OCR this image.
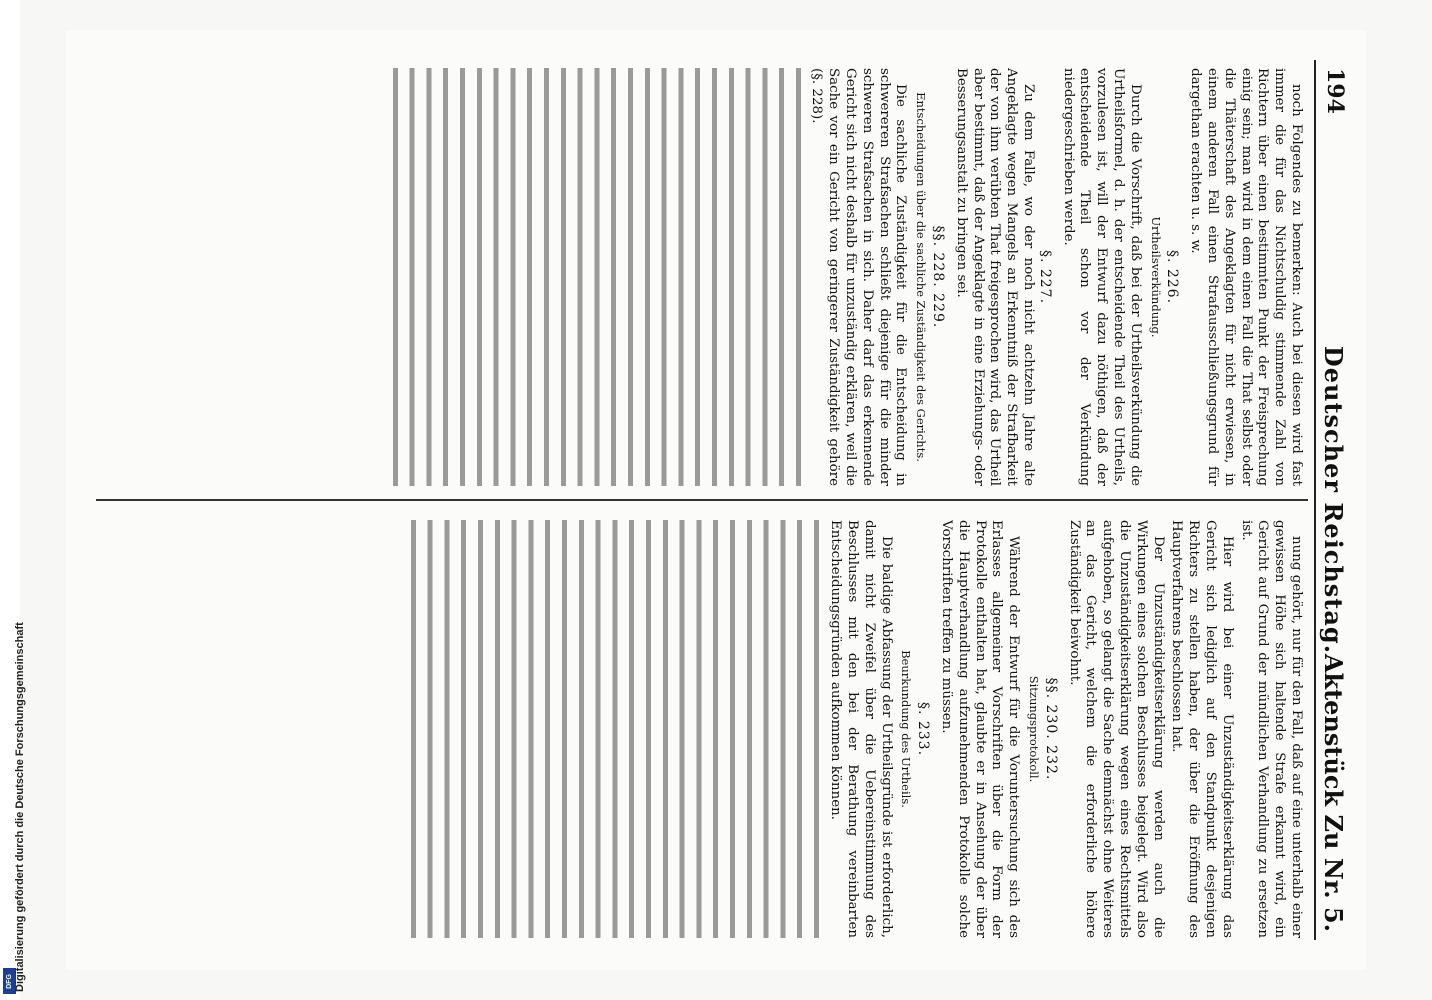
194
Deutscher Reichstag.
Aktenstück Zu Nr. 5.

noch Folgendes zu bemerken: Auch bei diesen wird fast immer die für das Nichtschuldig stimmende Zahl von Richtern über einen bestimmten Punkt der Freisprechung einig sein; man wird in dem einen Fall die That selbst oder die Thäterschaft des Angeklagten für nicht erwiesen, in einem anderen Fall einen Strafausschließungsgrund für dargethan erachten u. s. w.

§. 226.

Urtheilsverkündung.

Durch die Vorschrift, daß bei der Urtheilsverkündung die Urtheilsformel, d. h. der entscheidende Theil des Urtheils, vorzulesen ist, will der Entwurf dazu nöthigen, daß der entscheidende Theil schon vor der Verkündung niedergeschrieben werde.

§. 227.

Zu dem Falle, wo der noch nicht achtzehn Jahre alte Angeklagte wegen Mangels an Erkenntniß der Strafbarkeit der von ihm verübten That freigesprochen wird, das Urtheil aber bestimmt, daß der Angeklagte in eine Erziehungs- oder Besserungsanstalt zu bringen sei.

§§. 228. 229.

Entscheidungen über die sachliche Zuständigkeit des Gerichts.

Die sachliche Zuständigkeit für die Entscheidung in schwereren Strafsachen schließt diejenige für die minder schweren Strafsachen in sich. Daher darf das erkennende Gericht sich nicht deshalb für unzuständig erklären, weil die Sache vor ein Gericht von geringerer Zuständigkeit gehöre (§. 228).

nung gehört, nur für den Fall, daß auf eine unterhalb einer gewissen Höhe sich haltende Strafe erkannt wird, ein Gericht auf Grund der mündlichen Verhandlung zu ersetzen ist.

Hier wird bei einer Unzuständigkeitserklärung das Gericht sich lediglich auf den Standpunkt desjenigen Richters zu stellen haben, der über die Eröffnung des Hauptverfahrens beschlossen hat.

Der Unzuständigkeitserklärung werden auch die Wirkungen eines solchen Beschlusses beigelegt. Wird also die Unzuständigkeitserklärung wegen eines Rechtsmittels aufgehoben, so gelangt die Sache demnächst ohne Weiteres an das Gericht, welchem die erforderliche höhere Zuständigkeit beiwohnt.

§§. 230. 232.

Sitzungsprotokoll.

Während der Entwurf für die Voruntersuchung sich des Erlasses allgemeiner Vorschriften über die Form der Protokolle enthalten hat, glaubte er in Ansehung der über die Hauptverhandlung aufzunehmenden Protokolle solche Vorschriften treffen zu müssen.

§. 233.

Beurkundung des Urtheils.

Die baldige Abfassung der Urtheilsgründe ist erforderlich, damit nicht Zweifel über die Uebereinstimmung des Beschlusses mit den bei der Berathung vereinbarten Entscheidungsgründen aufkommen können.

DFG Digitalisierung gefördert durch die Deutsche Forschungsgemeinschaft
